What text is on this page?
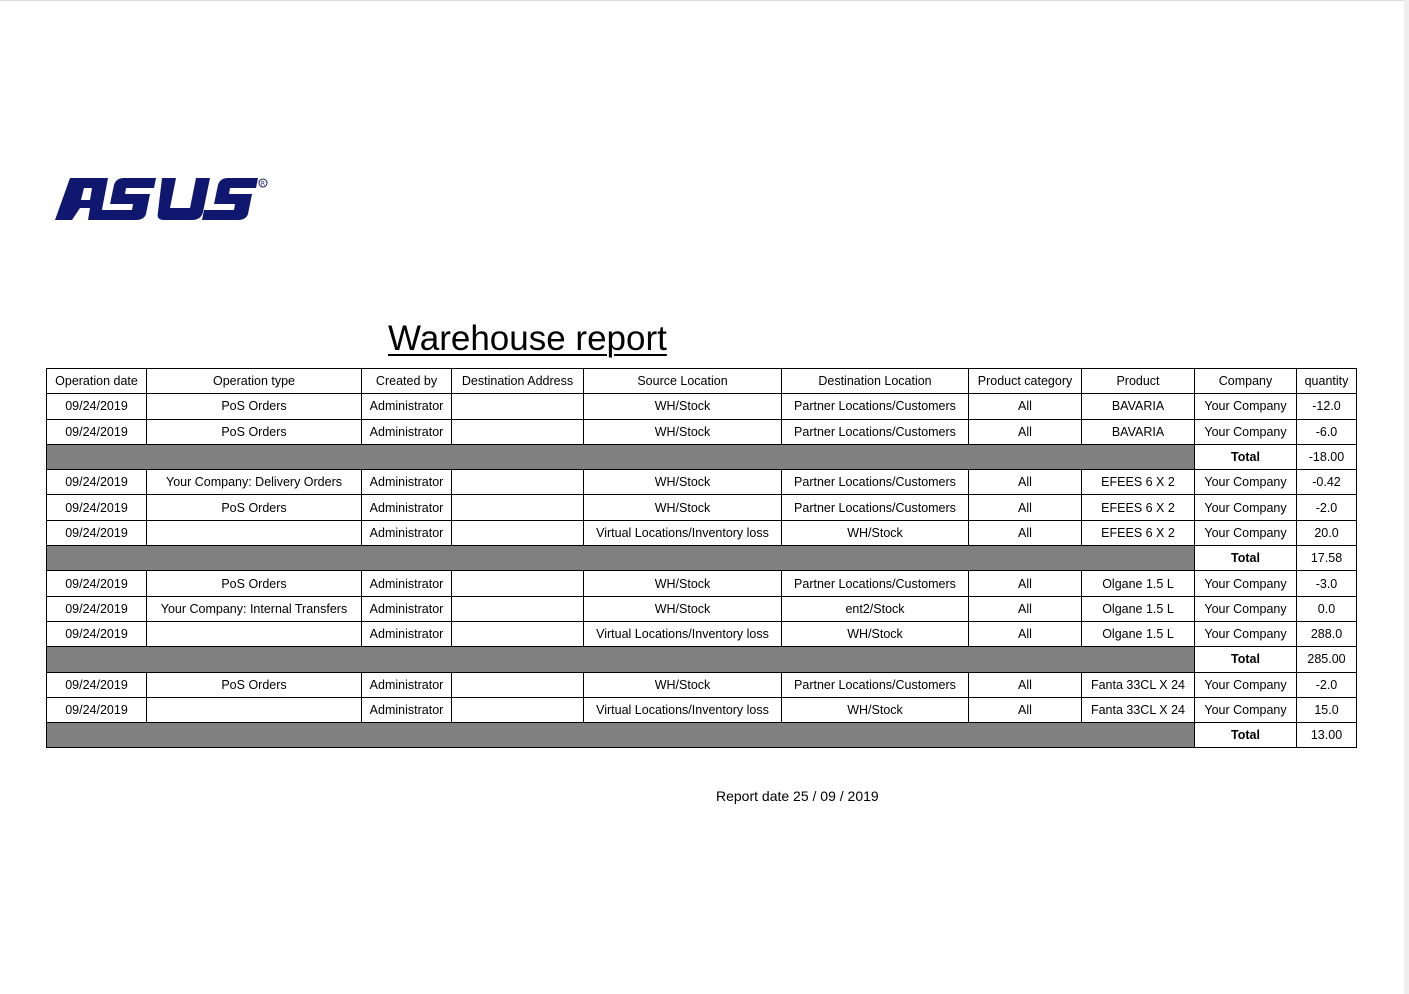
R
Warehouse report
Operation date	Operation type	Created by	Destination Address	Source Location	Destination Location	Product category	Product	Company	quantity
09/24/2019	PoS Orders	Administrator		WH/Stock	Partner Locations/Customers	All	BAVARIA	Your Company	-12.0
09/24/2019	PoS Orders	Administrator		WH/Stock	Partner Locations/Customers	All	BAVARIA	Your Company	-6.0
								Total	-18.00
09/24/2019	Your Company: Delivery Orders	Administrator		WH/Stock	Partner Locations/Customers	All	EFEES 6 X 2	Your Company	-0.42
09/24/2019	PoS Orders	Administrator		WH/Stock	Partner Locations/Customers	All	EFEES 6 X 2	Your Company	-2.0
09/24/2019		Administrator		Virtual Locations/Inventory loss	WH/Stock	All	EFEES 6 X 2	Your Company	20.0
								Total	17.58
09/24/2019	PoS Orders	Administrator		WH/Stock	Partner Locations/Customers	All	Olgane 1.5 L	Your Company	-3.0
09/24/2019	Your Company: Internal Transfers	Administrator		WH/Stock	ent2/Stock	All	Olgane 1.5 L	Your Company	0.0
09/24/2019		Administrator		Virtual Locations/Inventory loss	WH/Stock	All	Olgane 1.5 L	Your Company	288.0
								Total	285.00
09/24/2019	PoS Orders	Administrator		WH/Stock	Partner Locations/Customers	All	Fanta 33CL X 24	Your Company	-2.0
09/24/2019		Administrator		Virtual Locations/Inventory loss	WH/Stock	All	Fanta 33CL X 24	Your Company	15.0
								Total	13.00
Report date 25 / 09 / 2019
